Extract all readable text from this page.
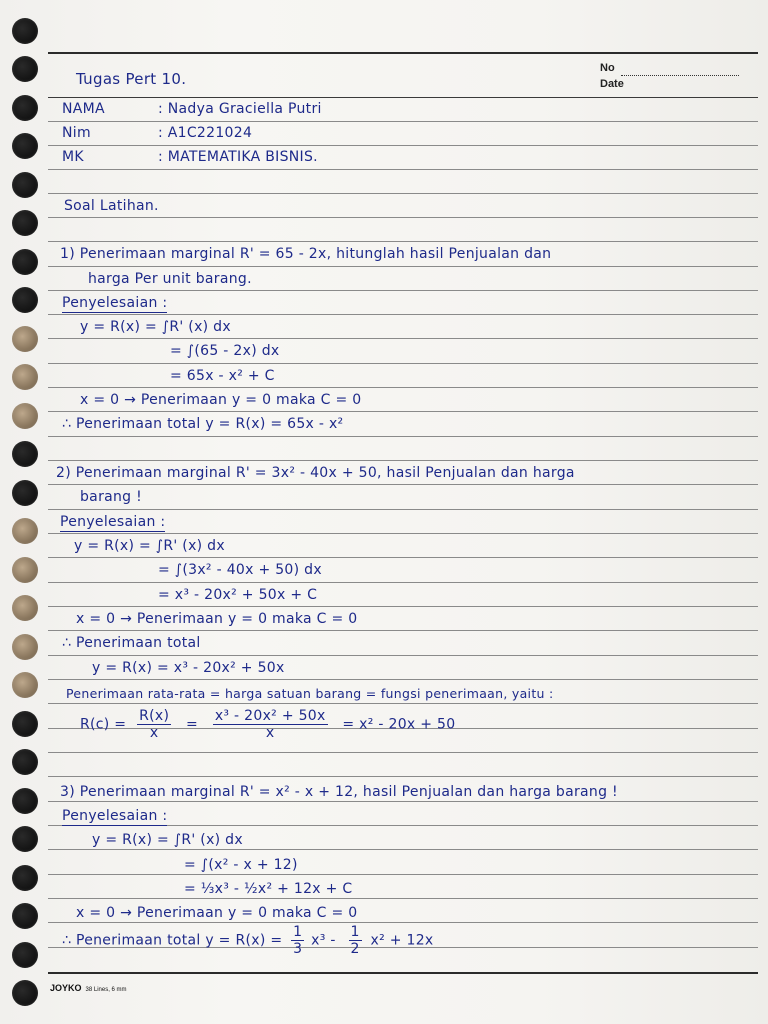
No
Date
Tugas Pert 10.
NAMA	: Nadya Graciella Putri
Nim	: A1C221024
MK	: MATEMATIKA BISNIS.
Soal Latihan.
1) Penerimaan marginal R' = 65 - 2x, hitunglah hasil Penjualan dan
harga Per unit barang.
Penyelesaian :
y = R(x) = ∫R' (x) dx
= ∫(65 - 2x) dx
= 65x - x² + C
x = 0 → Penerimaan y = 0 maka C = 0
∴ Penerimaan total y = R(x) = 65x - x²
2) Penerimaan marginal R' = 3x² - 40x + 50, hasil Penjualan dan harga
barang !
Penyelesaian :
y = R(x) = ∫R' (x) dx
= ∫(3x² - 40x + 50) dx
= x³ - 20x² + 50x + C
x = 0 → Penerimaan y = 0 maka C = 0
∴ Penerimaan total
y = R(x) = x³ - 20x² + 50x
Penerimaan rata-rata = harga satuan barang = fungsi penerimaan, yaitu :
$R(c) = \frac{R(x)}{x} = \frac{\text{x³ - 20x² + 50x}}{x} = x^2 - 20x + 50$
3) Penerimaan marginal R' = x² - x + 12, hasil Penjualan dan harga barang !
Penyelesaian :
y = R(x) = ∫R' (x) dx
= ∫(x² - x + 12)
= ⅓x³ - ½x² + 12x + C
x = 0 → Penerimaan y = 0 maka C = 0
∴ Penerimaan total $y = R(x) = \frac{1}{3} x^3 - \frac{1}{2} x^2 + 12x$
JOYKO 38 Lines, 6 mm
